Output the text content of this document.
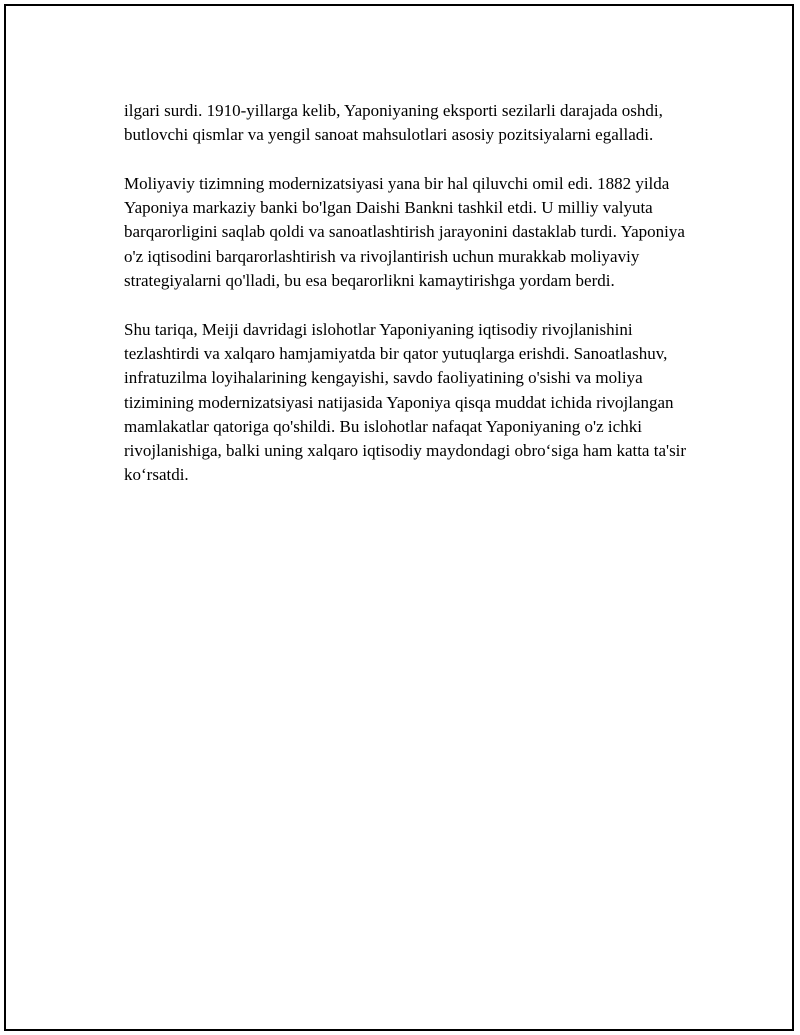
ilgari surdi. 1910-yillarga kelib, Yaponiyaning eksporti sezilarli darajada oshdi, butlovchi qismlar va yengil sanoat mahsulotlari asosiy pozitsiyalarni egalladi.

Moliyaviy tizimning modernizatsiyasi yana bir hal qiluvchi omil edi. 1882 yilda Yaponiya markaziy banki bo'lgan Daishi Bankni tashkil etdi. U milliy valyuta barqarorligini saqlab qoldi va sanoatlashtirish jarayonini dastaklab turdi. Yaponiya o'z iqtisodini barqarorlashtirish va rivojlantirish uchun murakkab moliyaviy strategiyalarni qo'lladi, bu esa beqarorlikni kamaytirishga yordam berdi.

Shu tariqa, Meiji davridagi islohotlar Yaponiyaning iqtisodiy rivojlanishini tezlashtirdi va xalqaro hamjamiyatda bir qator yutuqlarga erishdi. Sanoatlashuv, infratuzilma loyihalarining kengayishi, savdo faoliyatining o'sishi va moliya tizimining modernizatsiyasi natijasida Yaponiya qisqa muddat ichida rivojlangan mamlakatlar qatoriga qo'shildi. Bu islohotlar nafaqat Yaponiyaning o'z ichki rivojlanishiga, balki uning xalqaro iqtisodiy maydondagi obro‘siga ham katta ta'sir ko‘rsatdi.
